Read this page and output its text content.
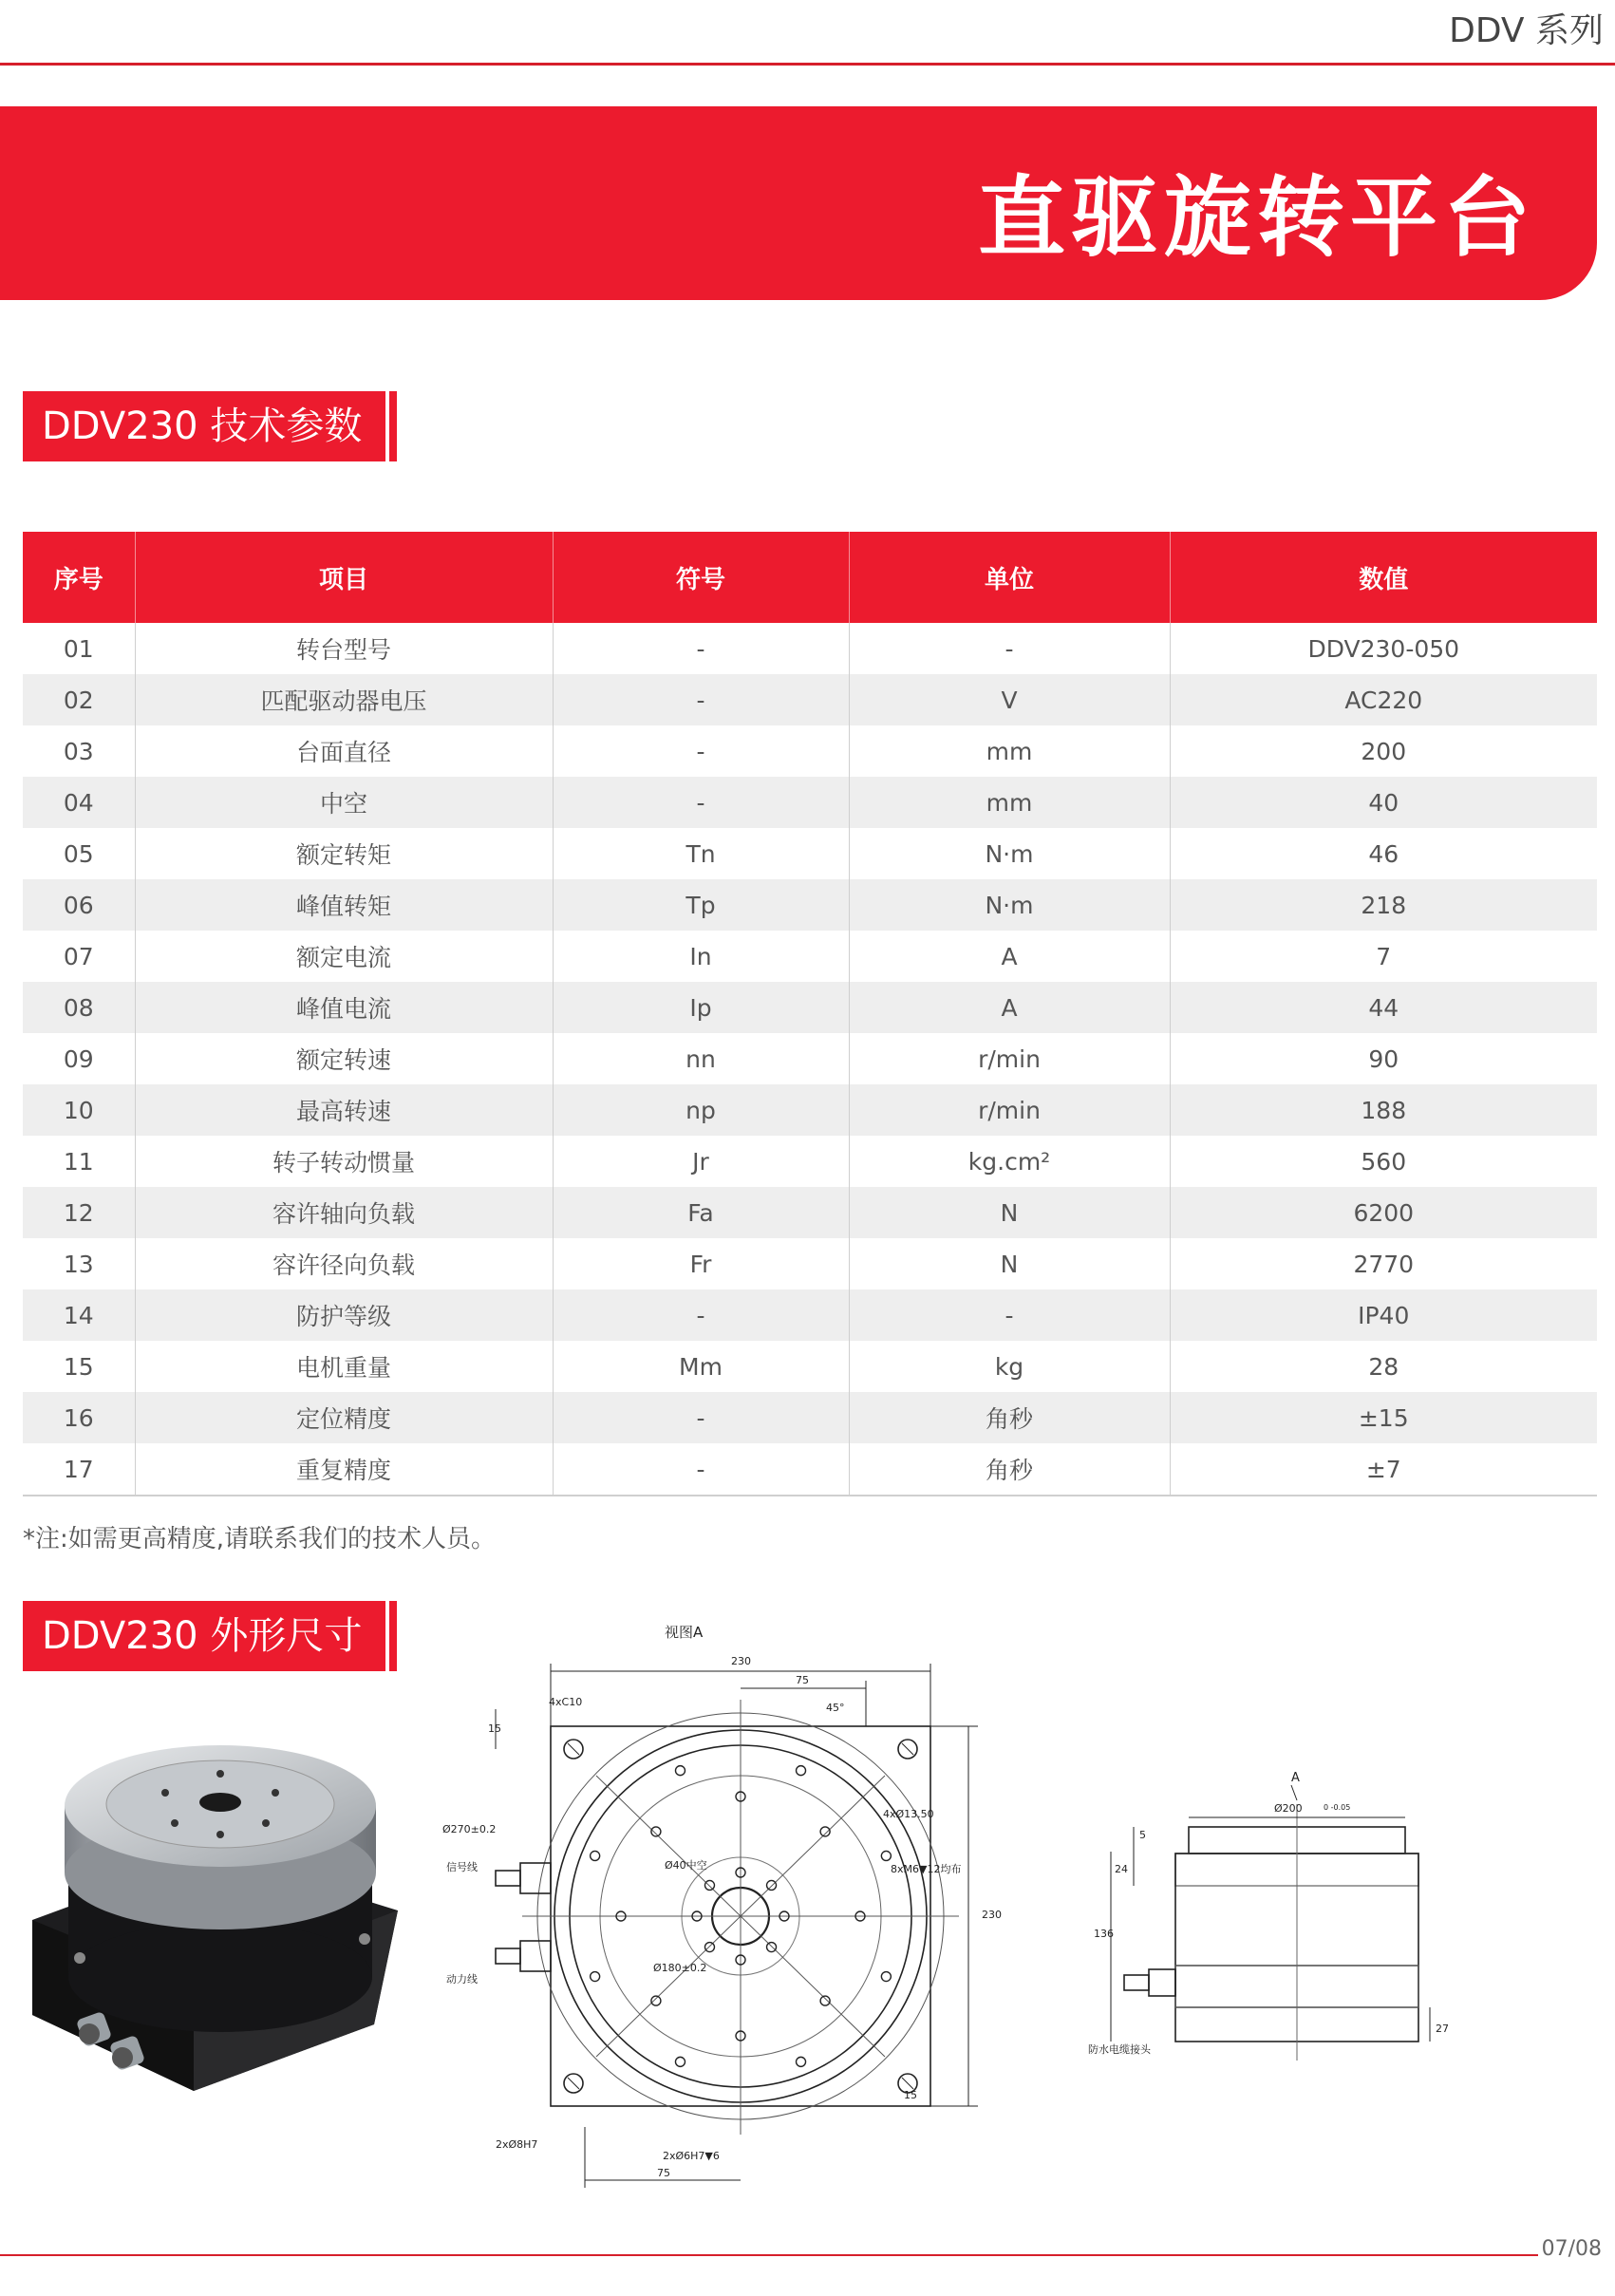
DDV 系列
直驱旋转平台
DDV230 技术参数
序号	项目	符号	单位	数值
01	转台型号	-	-	DDV230-050
02	匹配驱动器电压	-	V	AC220
03	台面直径	-	mm	200
04	中空	-	mm	40
05	额定转矩	Tn	N·m	46
06	峰值转矩	Tp	N·m	218
07	额定电流	In	A	7
08	峰值电流	Ip	A	44
09	额定转速	nn	r/min	90
10	最高转速	np	r/min	188
11	转子转动惯量	Jr	kg.cm²	560
12	容许轴向负载	Fa	N	6200
13	容许径向负载	Fr	N	2770
14	防护等级	-	-	IP40
15	电机重量	Mm	kg	28
16	定位精度	-	角秒	±15
17	重复精度	-	角秒	±7
*注:如需更高精度,请联系我们的技术人员。
DDV230 外形尺寸	视图A
230
75
45°
4xC10
15
Ø270±0.2
信号线	Ø40中空
4xØ13.50
8xM6▼12均布
230
Ø180±0.2
动力线
15
2xØ8H7
2xØ6H7▼6
75
A
Ø200	0 -0.05
5
24
136
27
防水电缆接头
07/08
